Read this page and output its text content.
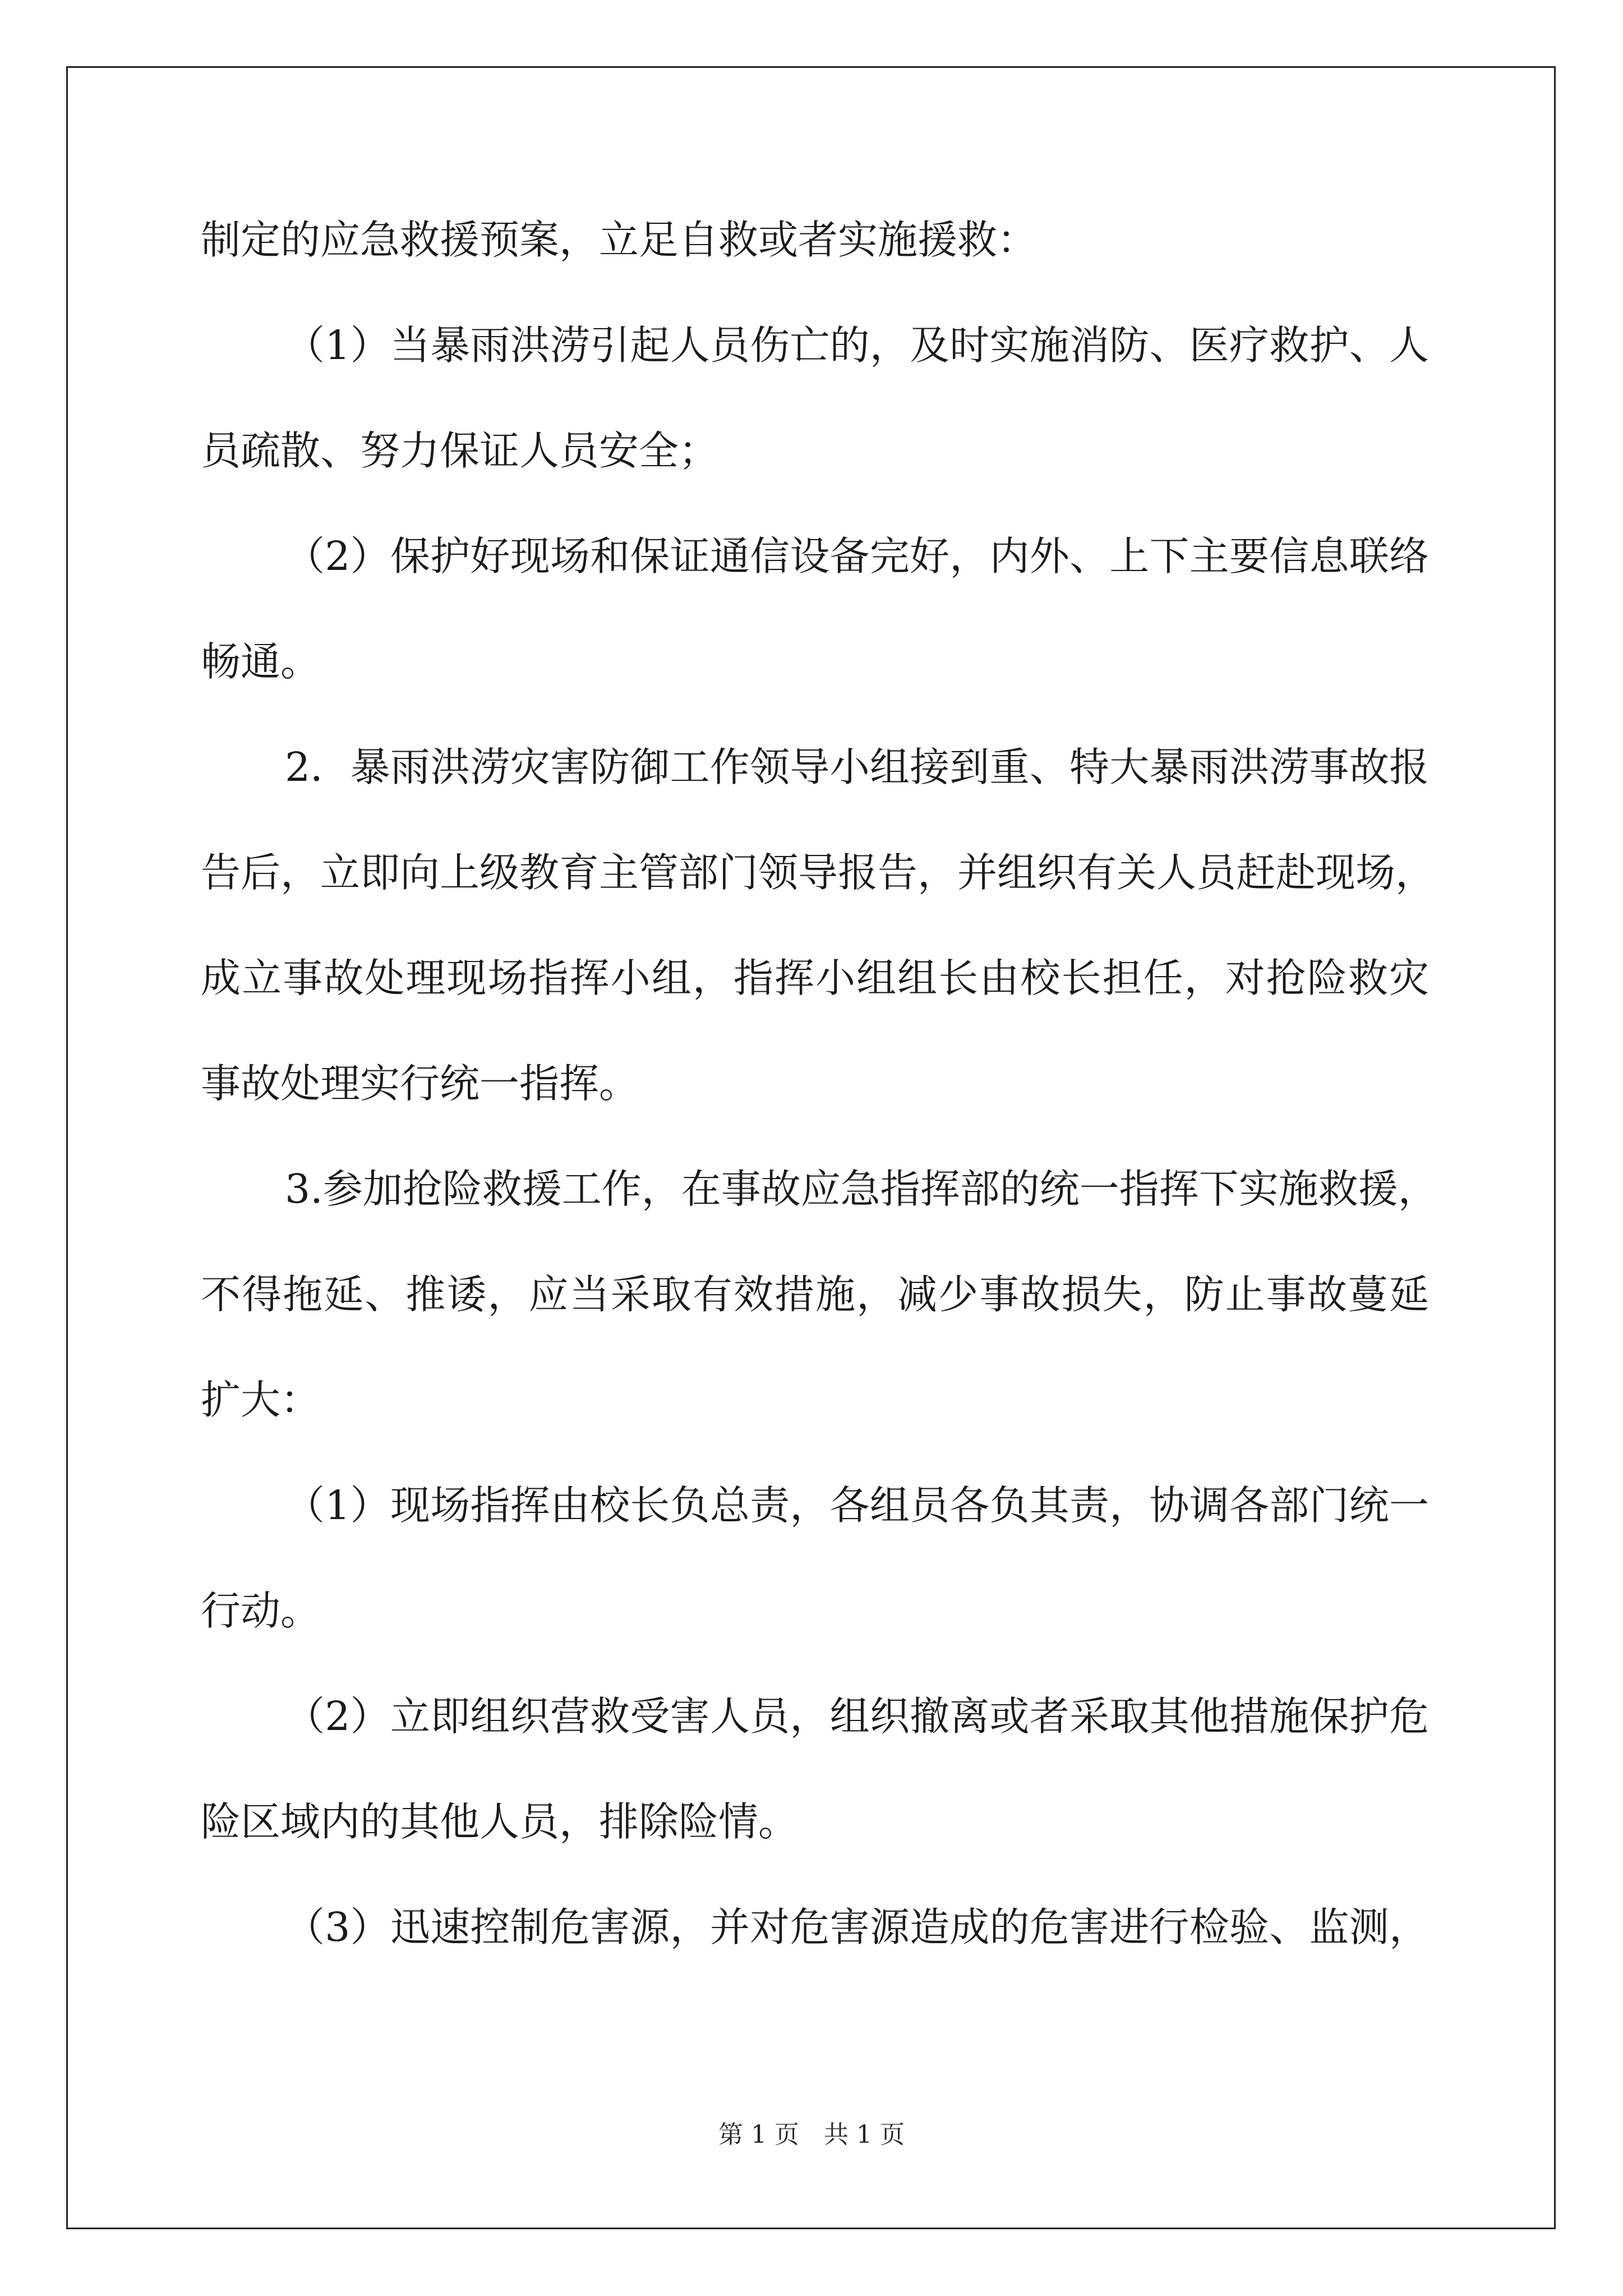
制定的应急救援预案，立足自救或者实施援救：
（1）当暴雨洪涝引起人员伤亡的，及时实施消防、医疗救护、人
员疏散、努力保证人员安全；
（2）保护好现场和保证通信设备完好，内外、上下主要信息联络
畅通。
2．暴雨洪涝灾害防御工作领导小组接到重、特大暴雨洪涝事故报
告后，立即向上级教育主管部门领导报告，并组织有关人员赶赴现场，
成立事故处理现场指挥小组，指挥小组组长由校长担任，对抢险救灾
事故处理实行统一指挥。
3.参加抢险救援工作，在事故应急指挥部的统一指挥下实施救援，
不得拖延、推诿，应当采取有效措施，减少事故损失，防止事故蔓延
扩大：
（1）现场指挥由校长负总责，各组员各负其责，协调各部门统一
行动。
（2）立即组织营救受害人员，组织撤离或者采取其他措施保护危
险区域内的其他人员，排除险情。
（3）迅速控制危害源，并对危害源造成的危害进行检验、监测，
第 1 页　共 1 页
